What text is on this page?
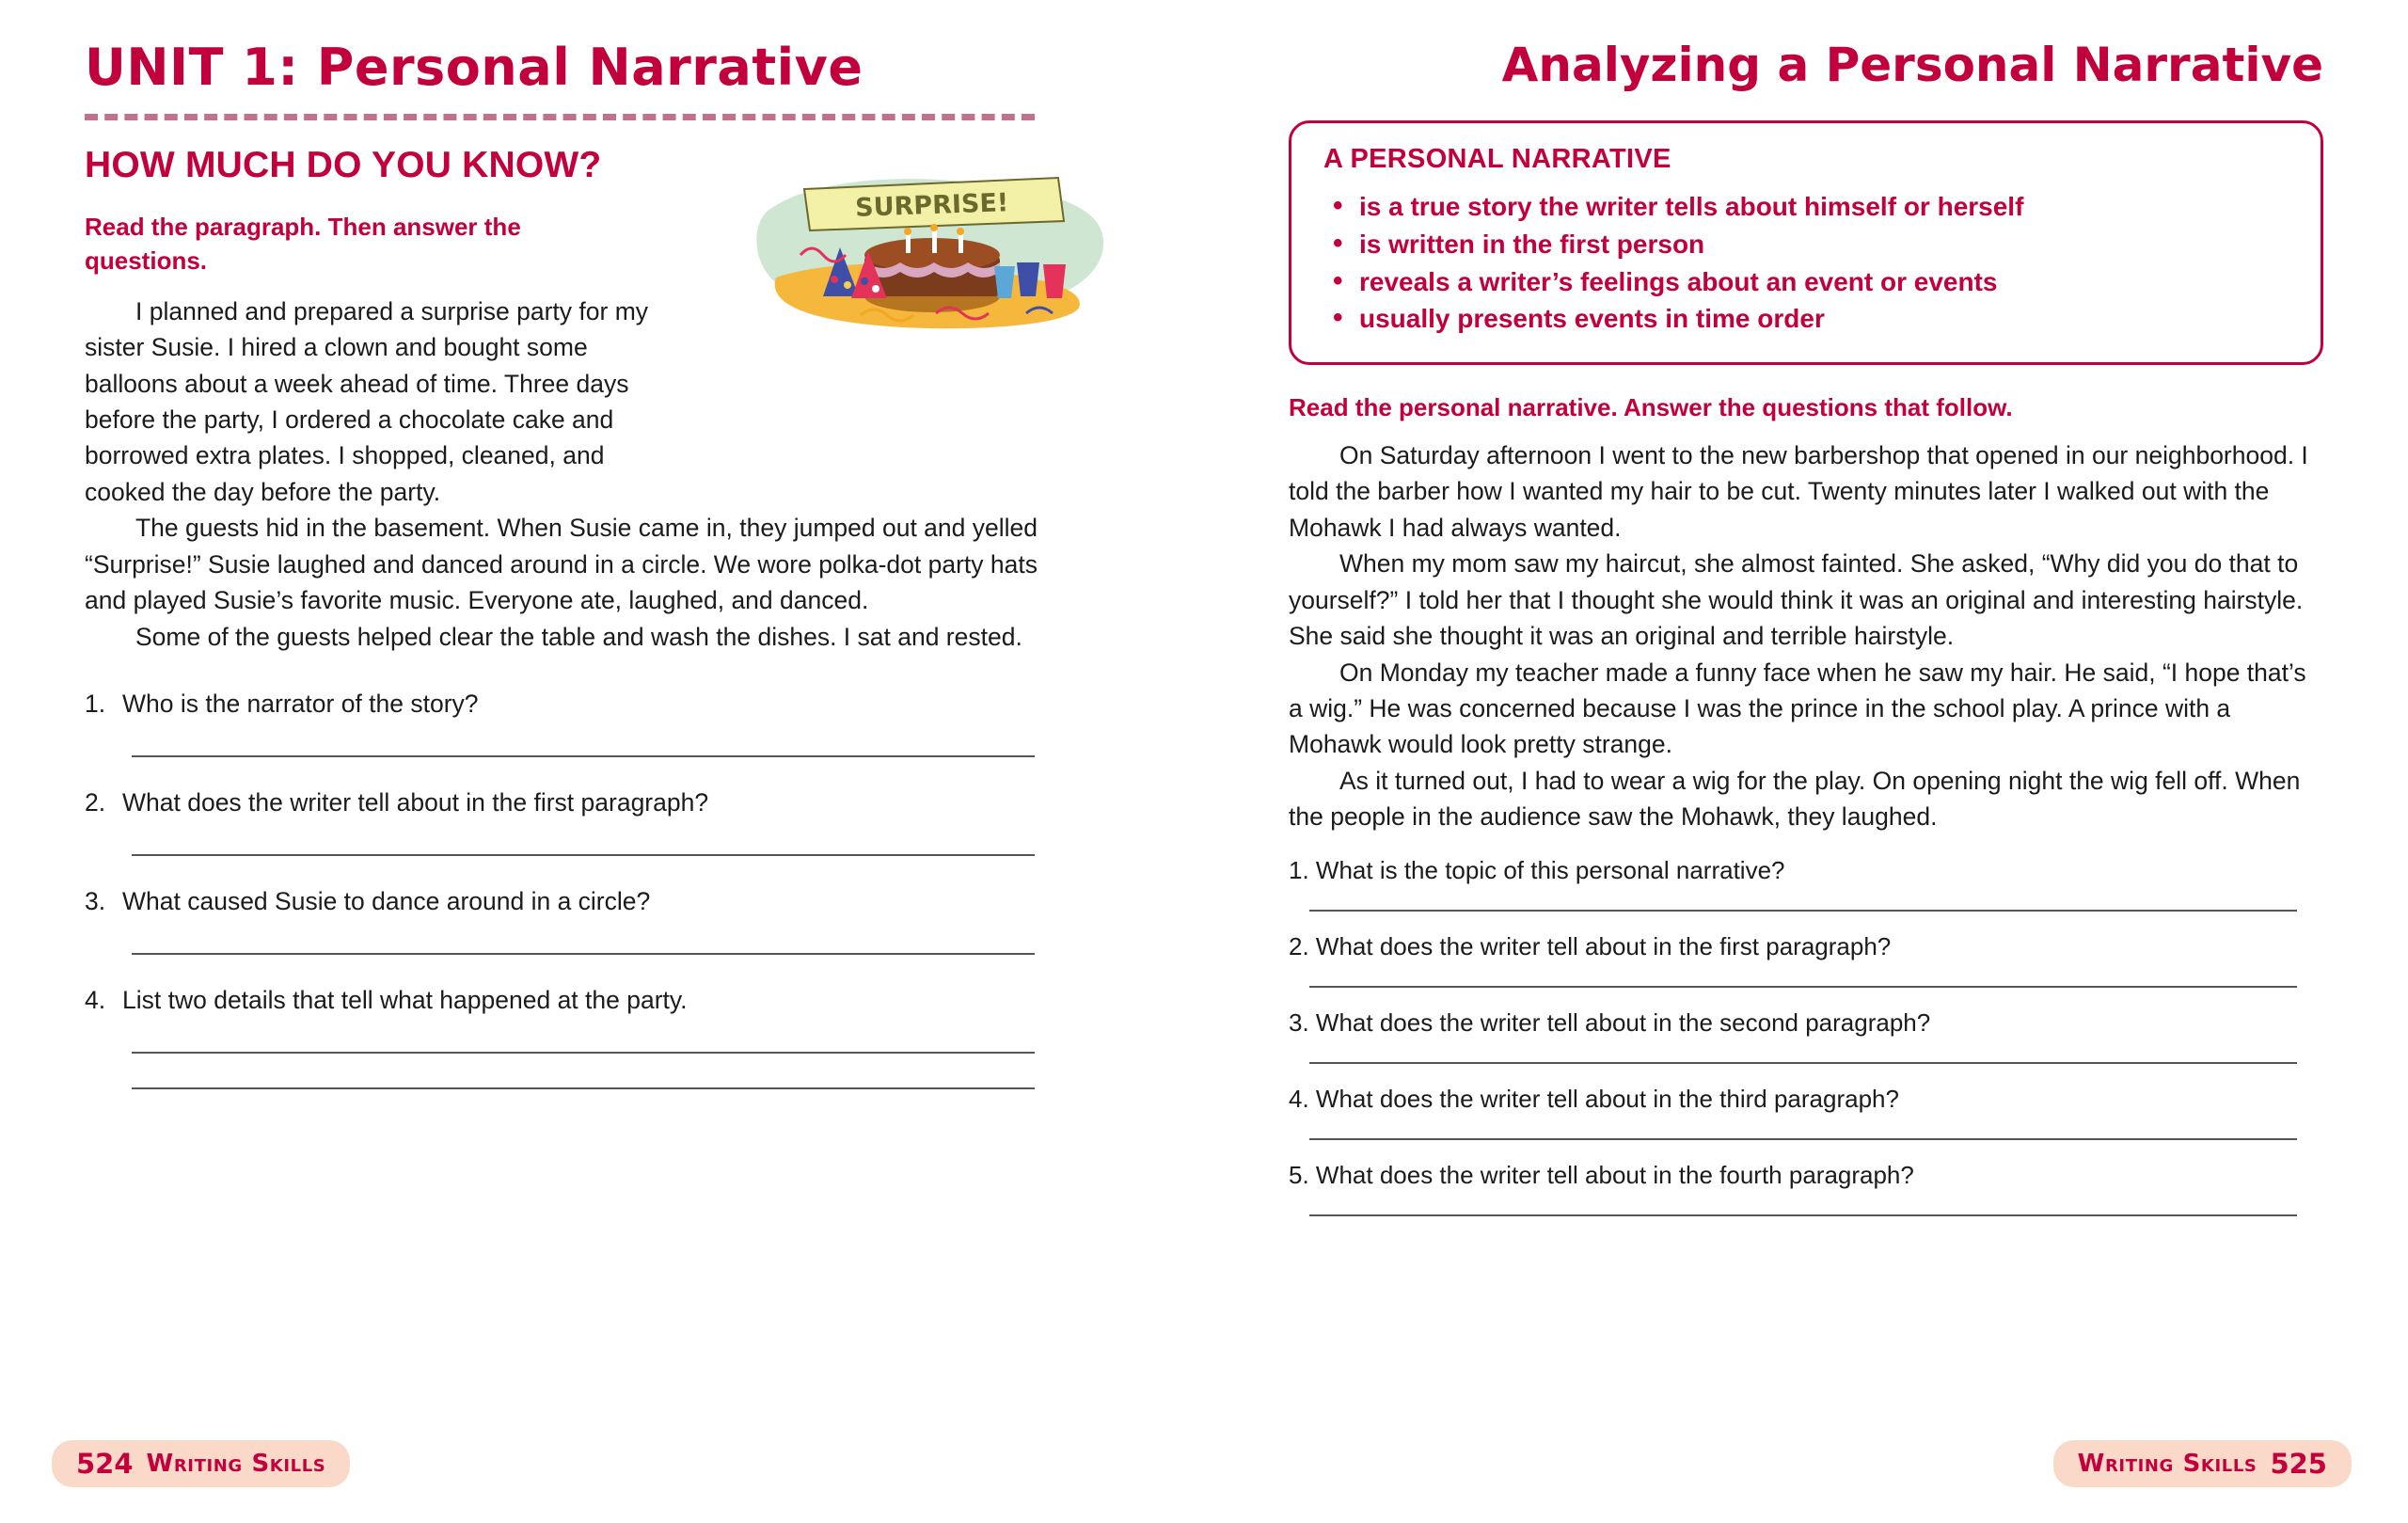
UNIT 1: Personal Narrative
HOW MUCH DO YOU KNOW?

Read the paragraph. Then answer the questions.

SURPRISE!

I planned and prepared a surprise party for my sister Susie. I hired a clown and bought some balloons about a week ahead of time. Three days before the party, I ordered a chocolate cake and borrowed extra plates. I shopped, cleaned, and cooked the day before the party.

The guests hid in the basement. When Susie came in, they jumped out and yelled “Surprise!” Susie laughed and danced around in a circle. We wore polka-dot party hats and played Susie’s favorite music. Everyone ate, laughed, and danced.

Some of the guests helped clear the table and wash the dishes. I sat and rested.

1. Who is the narrator of the story?
2. What does the writer tell about in the first paragraph?
3. What caused Susie to dance around in a circle?
4. List two details that tell what happened at the party.
524 Writing Skills
Analyzing a Personal Narrative
A PERSONAL NARRATIVE
• is a true story the writer tells about himself or herself
• is written in the first person
• reveals a writer’s feelings about an event or events
• usually presents events in time order

Read the personal narrative. Answer the questions that follow.

On Saturday afternoon I went to the new barbershop that opened in our neighborhood. I told the barber how I wanted my hair to be cut. Twenty minutes later I walked out with the Mohawk I had always wanted.

When my mom saw my haircut, she almost fainted. She asked, “Why did you do that to yourself?” I told her that I thought she would think it was an original and interesting hairstyle. She said she thought it was an original and terrible hairstyle.

On Monday my teacher made a funny face when he saw my hair. He said, “I hope that’s a wig.” He was concerned because I was the prince in the school play. A prince with a Mohawk would look pretty strange.

As it turned out, I had to wear a wig for the play. On opening night the wig fell off. When the people in the audience saw the Mohawk, they laughed.

1. What is the topic of this personal narrative?
2. What does the writer tell about in the first paragraph?
3. What does the writer tell about in the second paragraph?
4. What does the writer tell about in the third paragraph?
5. What does the writer tell about in the fourth paragraph?
Writing Skills 525
